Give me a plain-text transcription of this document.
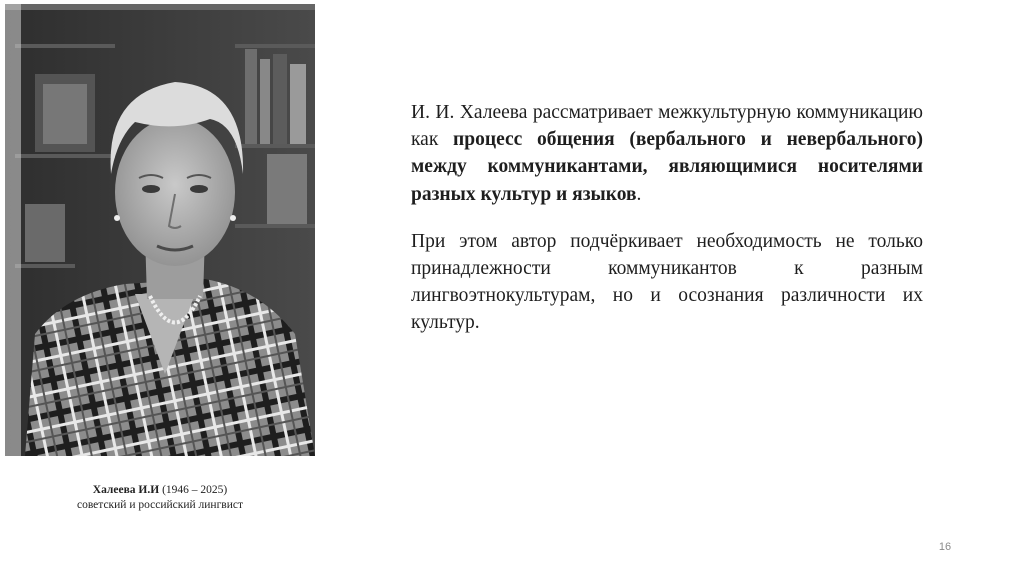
Халеева И.И (1946 – 2025)
советский и российский лингвист

И. И. Халеева рассматривает межкультурную коммуникацию как процесс общения (вербального и невербального) между коммуникантами, являющимися носителями разных культур и языков.

При этом автор подчёркивает необходимость не только принадлежности коммуникантов к разным лингвоэтнокультурам, но и осознания различности их культур.

16
